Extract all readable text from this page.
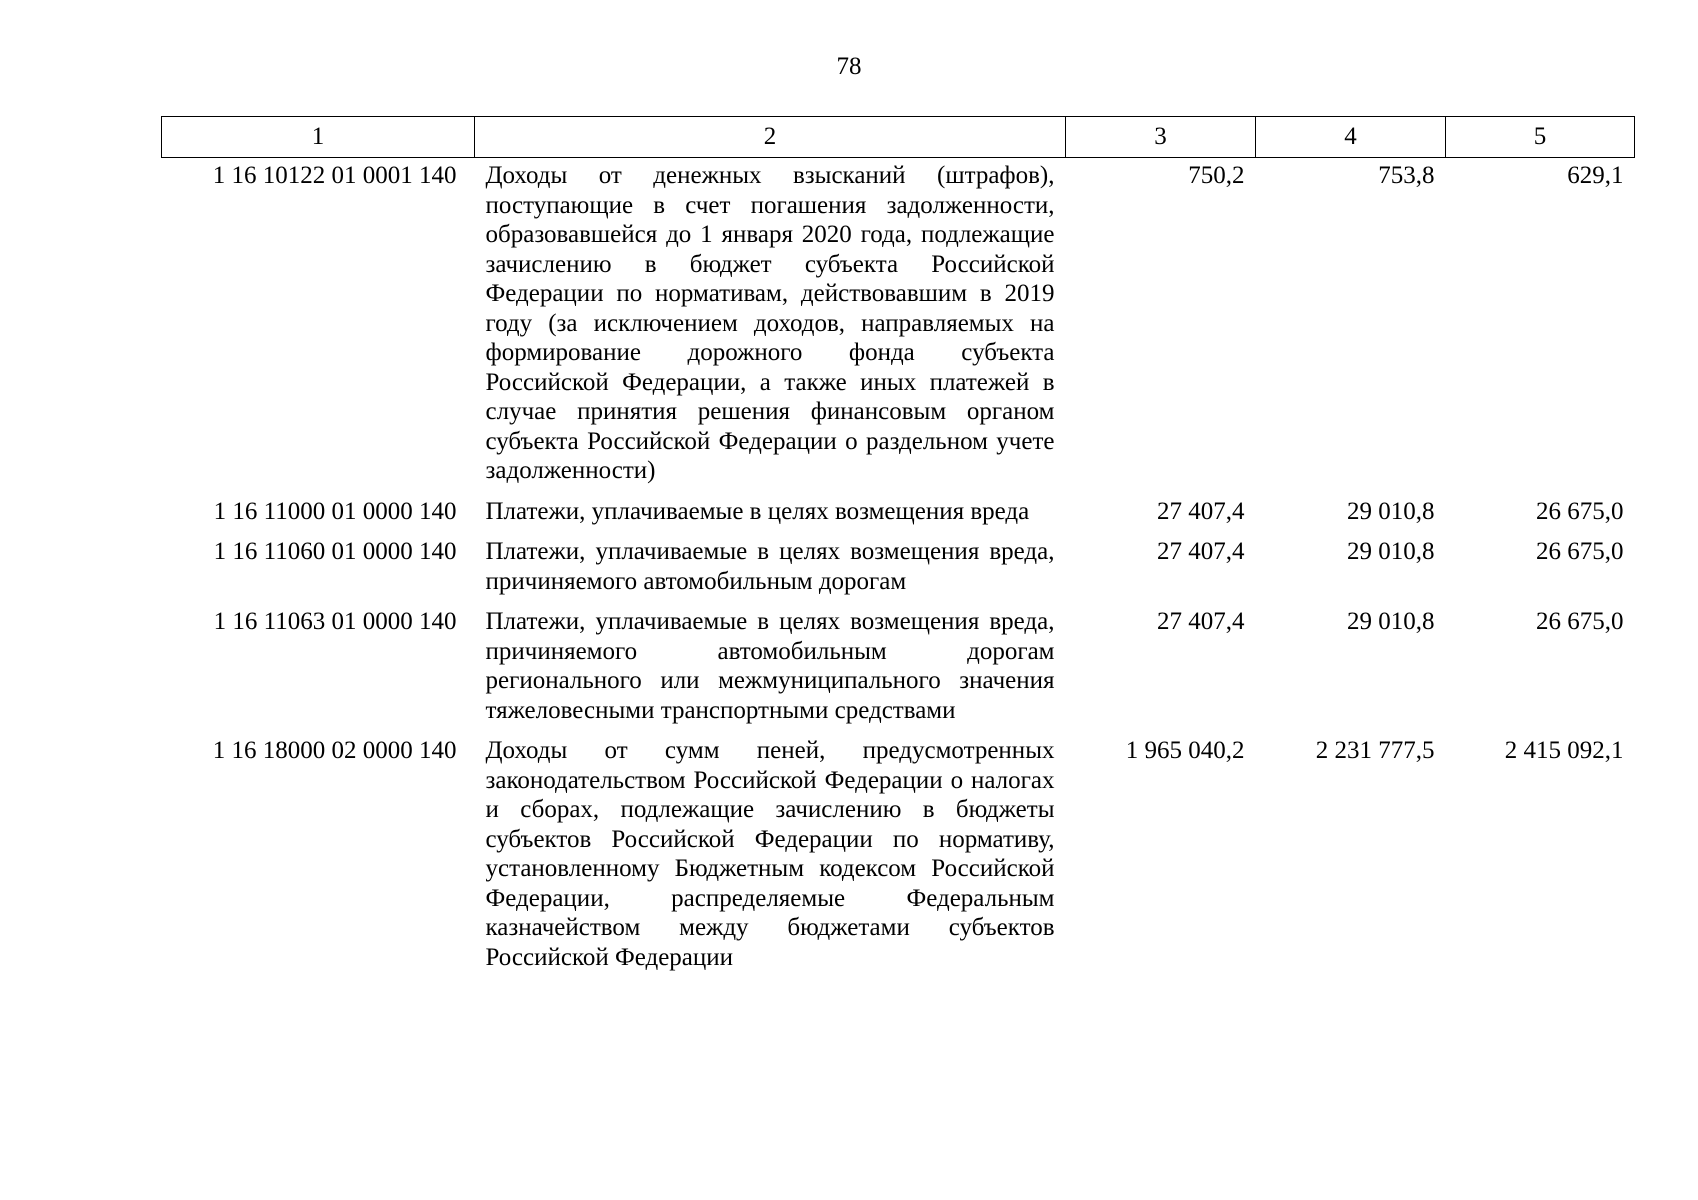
78
1	2	3	4	5
1 16 10122 01 0001 140	Доходы от денежных взысканий (штрафов), поступающие в счет погашения задолженности, образовавшейся до 1 января 2020 года, подлежащие зачислению в бюджет субъекта Российской Федерации по нормативам, действовавшим в 2019 году (за исключением доходов, направляемых на формирование дорожного фонда субъекта Российской Федерации, а также иных платежей в случае принятия решения финансовым органом субъекта Российской Федерации о раздельном учете задолженности)	750,2	753,8	629,1
1 16 11000 01 0000 140	Платежи, уплачиваемые в целях возмещения вреда	27 407,4	29 010,8	26 675,0
1 16 11060 01 0000 140	Платежи, уплачиваемые в целях возмещения вреда, причиняемого автомобильным дорогам	27 407,4	29 010,8	26 675,0
1 16 11063 01 0000 140	Платежи, уплачиваемые в целях возмещения вреда, причиняемого автомобильным дорогам регионального или межмуниципального значения тяжеловесными транспортными средствами	27 407,4	29 010,8	26 675,0
1 16 18000 02 0000 140	Доходы от сумм пеней, предусмотренных законодательством Российской Федерации о налогах и сборах, подлежащие зачислению в бюджеты субъектов Российской Федерации по нормативу, установленному Бюджетным кодексом Российской Федерации, распределяемые Федеральным казначейством между бюджетами субъектов Российской Федерации	1 965 040,2	2 231 777,5	2 415 092,1
